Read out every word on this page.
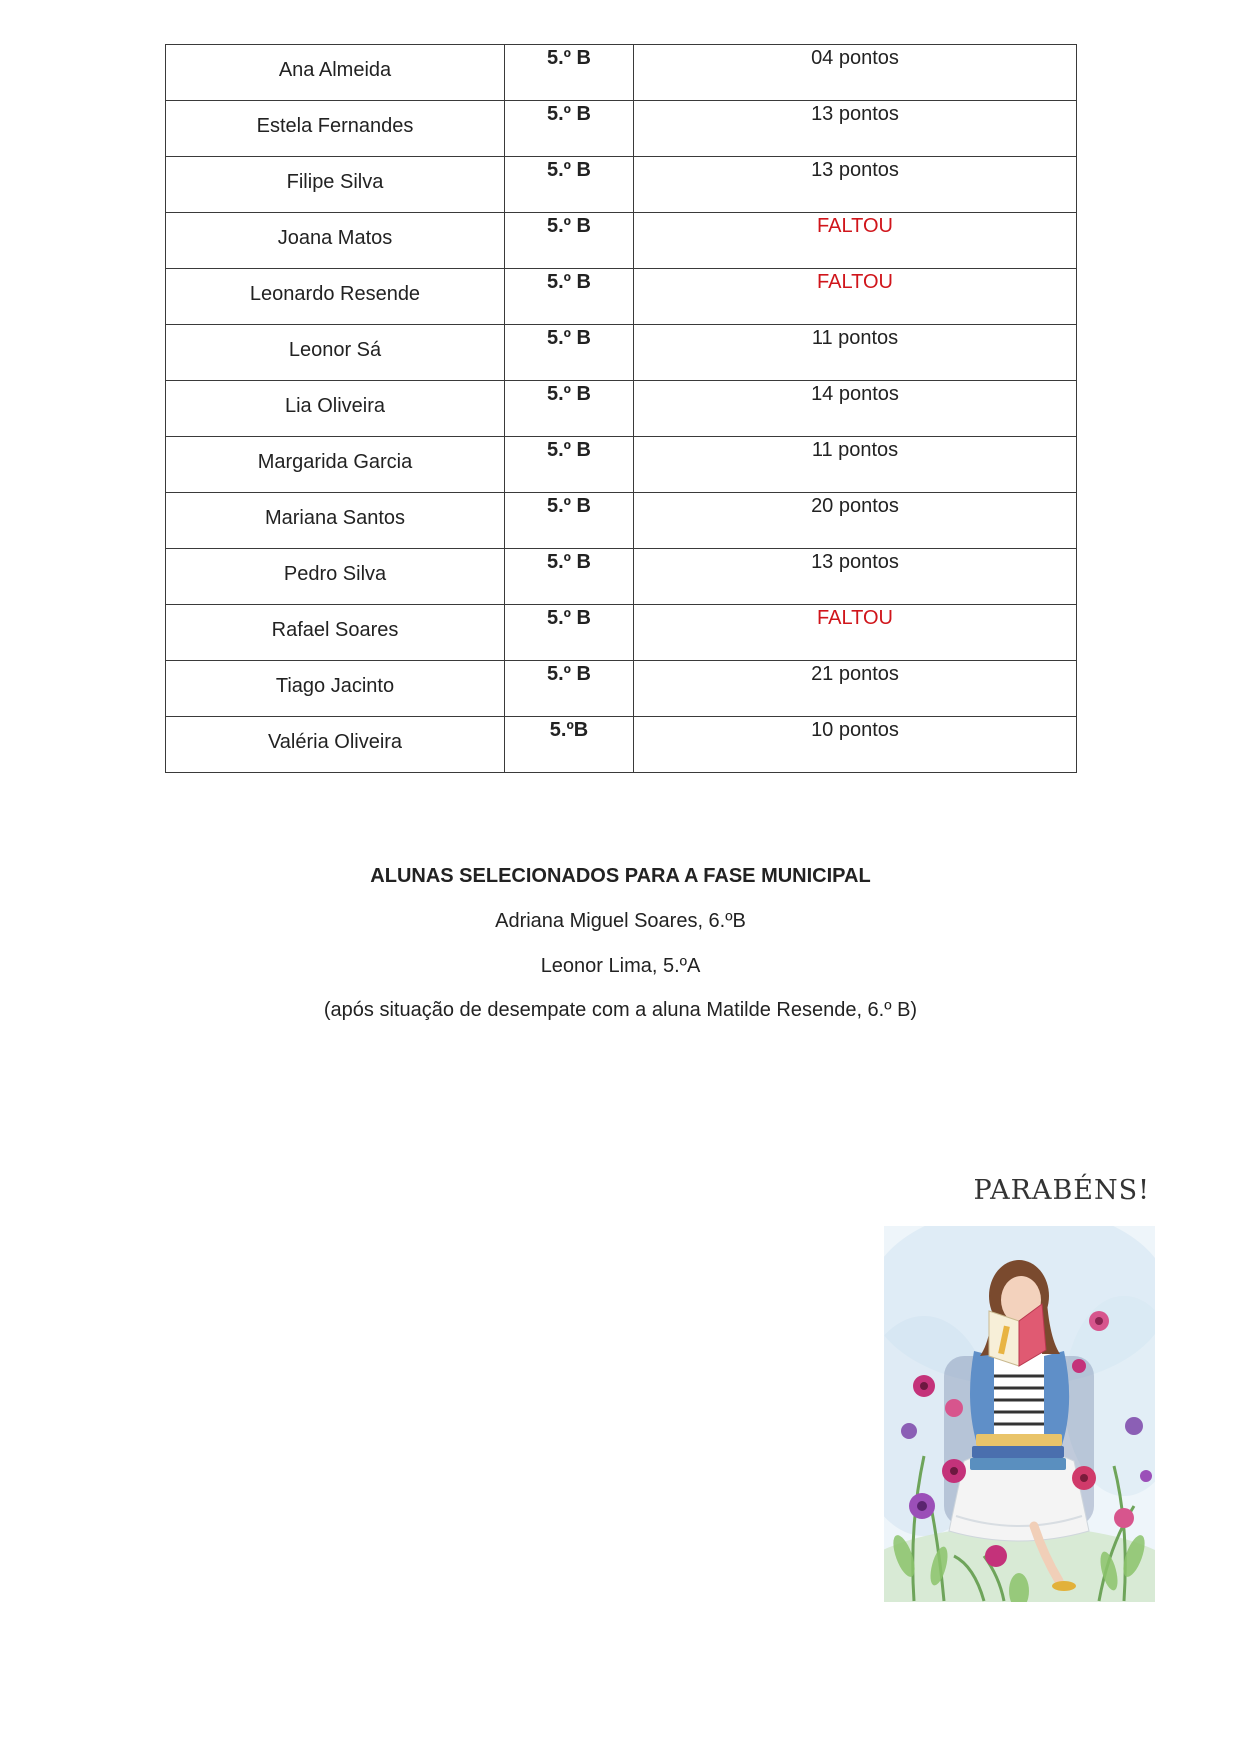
Ana Almeida	5.º B	04 pontos

Estela Fernandes	5.º B	13 pontos

Filipe Silva	5.º B	13 pontos

Joana Matos	5.º B	FALTOU

Leonardo Resende	5.º B	FALTOU

Leonor Sá	5.º B	11 pontos

Lia Oliveira	5.º B	14 pontos

Margarida Garcia	5.º B	11 pontos

Mariana Santos	5.º B	20 pontos

Pedro Silva	5.º B	13 pontos

Rafael Soares	5.º B	FALTOU

Tiago Jacinto	5.º B	21 pontos

Valéria Oliveira	5.ºB	10 pontos
ALUNAS SELECIONADOS PARA A FASE MUNICIPAL
Adriana Miguel Soares, 6.ºB
Leonor Lima, 5.ºA
(após situação de desempate com a aluna Matilde Resende, 6.º B)
PARABÉNS!
